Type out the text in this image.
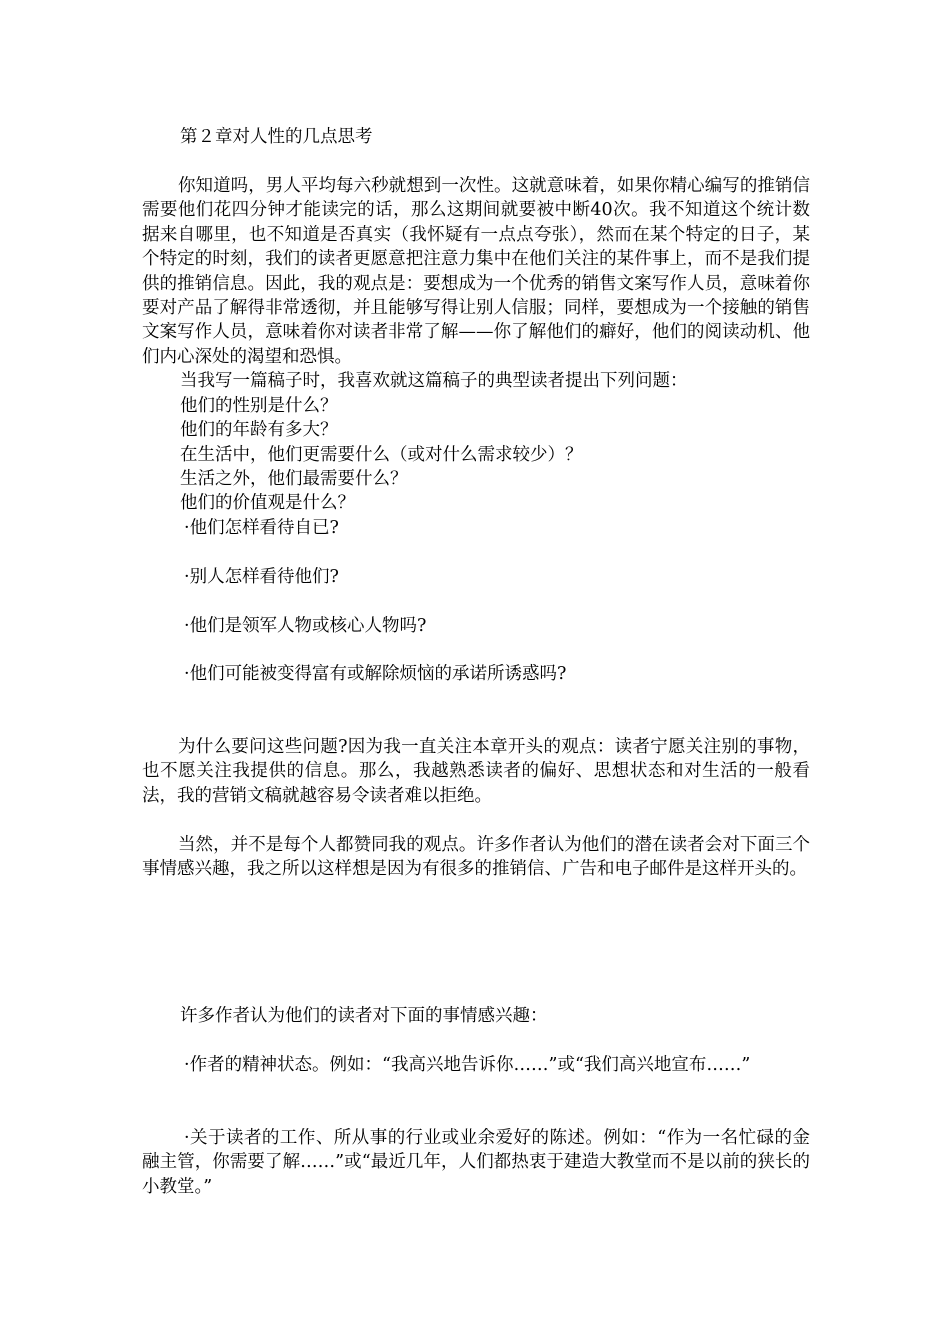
第２章对人性的几点思考

你知道吗，男人平均每六秒就想到一次性。这就意味着，如果你精心编写的推销信需要他们花四分钟才能读完的话，那么这期间就要被中断40次。我不知道这个统计数据来自哪里，也不知道是否真实（我怀疑有一点点夸张），然而在某个特定的日子，某个特定的时刻，我们的读者更愿意把注意力集中在他们关注的某件事上，而不是我们提供的推销信息。因此，我的观点是：要想成为一个优秀的销售文案写作人员，意味着你要对产品了解得非常透彻，并且能够写得让别人信服；同样，要想成为一个接触的销售文案写作人员，意味着你对读者非常了解——你了解他们的癖好，他们的阅读动机、他们内心深处的渴望和恐惧。

当我写一篇稿子时，我喜欢就这篇稿子的典型读者提出下列问题：
他们的性别是什么？
他们的年龄有多大？
在生活中，他们更需要什么（或对什么需求较少）？
生活之外，他们最需要什么？
他们的价值观是什么？
·他们怎样看待自已?
·别人怎样看待他们?
·他们是领军人物或核心人物吗?
·他们可能被变得富有或解除烦恼的承诺所诱惑吗?

为什么要问这些问题?因为我一直关注本章开头的观点：读者宁愿关注别的事物，也不愿关注我提供的信息。那么，我越熟悉读者的偏好、思想状态和对生活的一般看法，我的营销文稿就越容易令读者难以拒绝。

当然，并不是每个人都赞同我的观点。许多作者认为他们的潜在读者会对下面三个事情感兴趣，我之所以这样想是因为有很多的推销信、广告和电子邮件是这样开头的。

许多作者认为他们的读者对下面的事情感兴趣：

·作者的精神状态。例如：“我高兴地告诉你……”或“我们高兴地宣布……”

·关于读者的工作、所从事的行业或业余爱好的陈述。例如：“作为一名忙碌的金融主管，你需要了解……”或“最近几年，人们都热衷于建造大教堂而不是以前的狭长的小教堂。”
